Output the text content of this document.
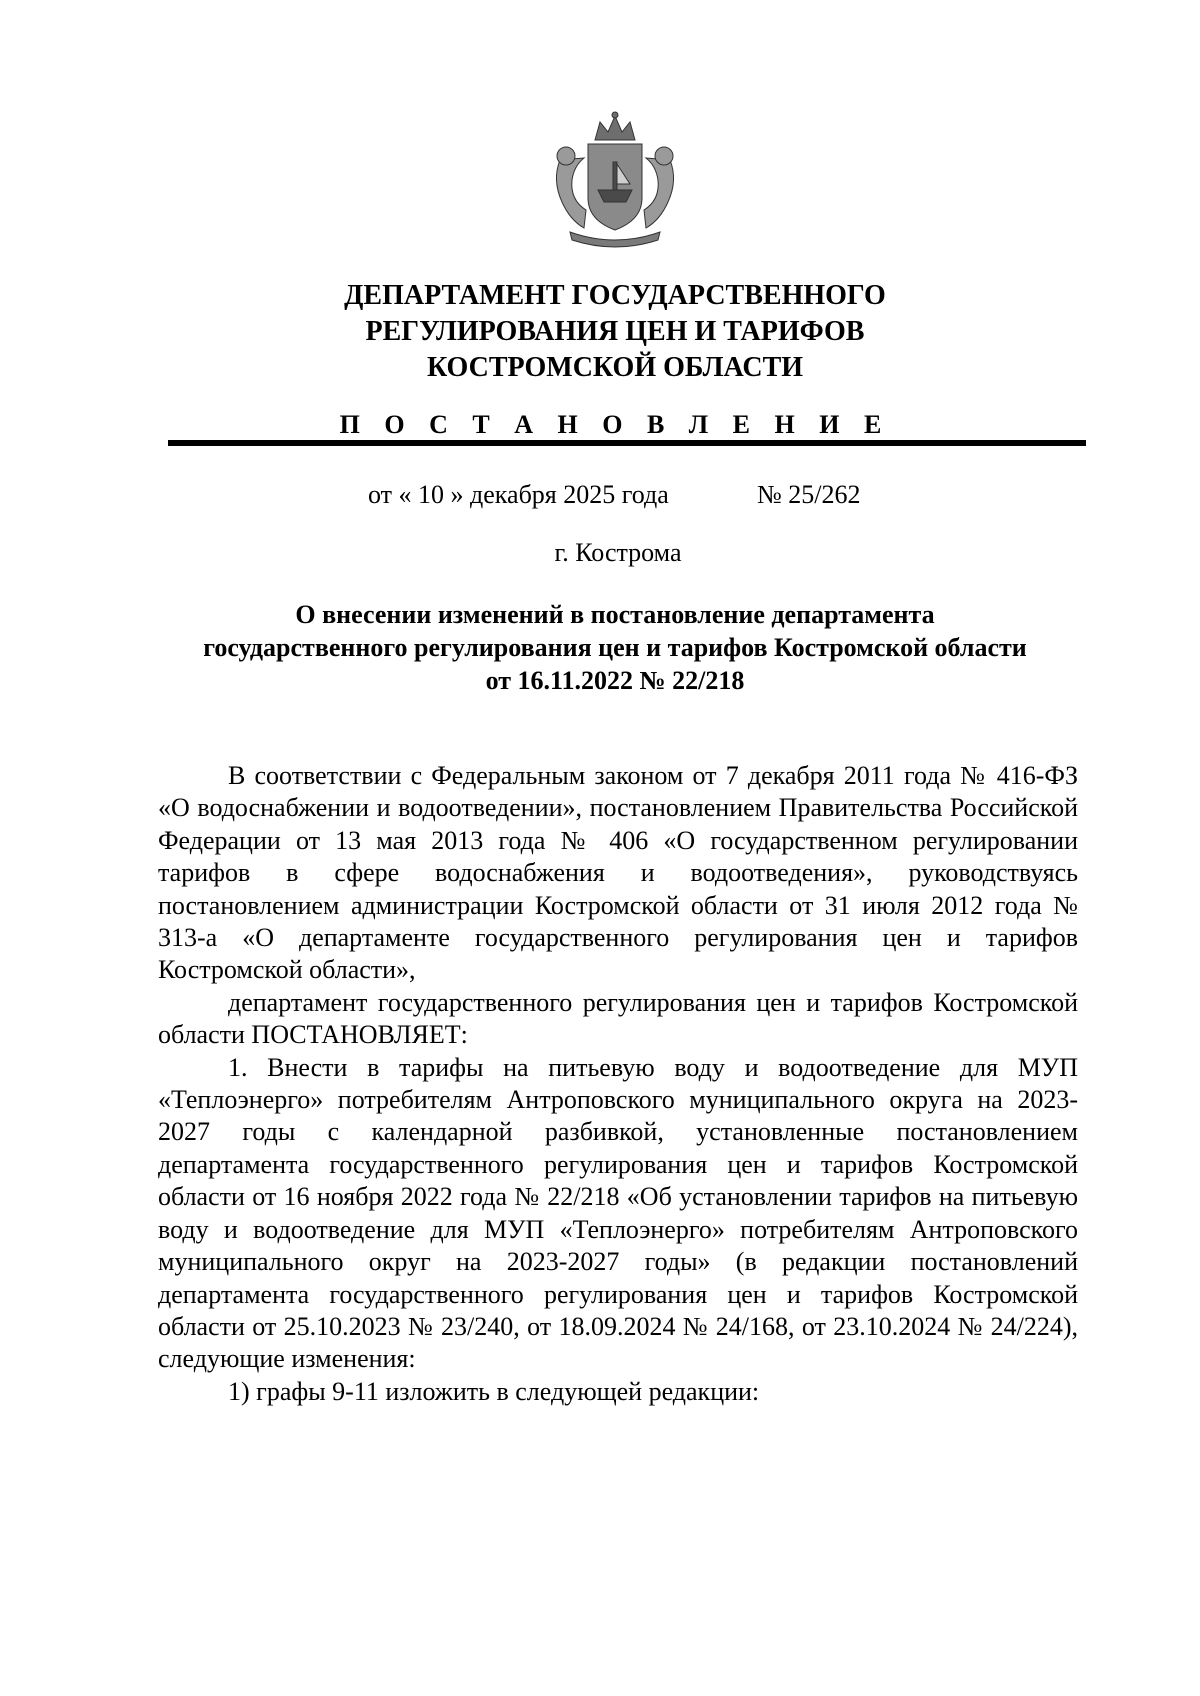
ДЕПАРТАМЕНТ ГОСУДАРСТВЕННОГО
РЕГУЛИРОВАНИЯ ЦЕН И ТАРИФОВ
КОСТРОМСКОЙ ОБЛАСТИ
П О С Т А Н О В Л Е Н И Е
от « 10 » декабря 2025 года	№ 25/262
г. Кострома
О внесении изменений в постановление департамента
государственного регулирования цен и тарифов Костромской области
от 16.11.2022 № 22/218

В соответствии с Федеральным законом от 7 декабря 2011 года № 416-ФЗ «О водоснабжении и водоотведении», постановлением Правительства Российской Федерации от 13 мая 2013 года № 406 «О государственном регулировании тарифов в сфере водоснабжения и водоотведения», руководствуясь постановлением администрации Костромской области от 31 июля 2012 года № 313-а «О департаменте государственного регулирования цен и тарифов Костромской области»,

департамент государственного регулирования цен и тарифов Костромской области ПОСТАНОВЛЯЕТ:

1. Внести в тарифы на питьевую воду и водоотведение для МУП «Теплоэнерго» потребителям Антроповского муниципального округа на 2023-2027 годы с календарной разбивкой, установленные постановлением департамента государственного регулирования цен и тарифов Костромской области от 16 ноября 2022 года № 22/218 «Об установлении тарифов на питьевую воду и водоотведение для МУП «Теплоэнерго» потребителям Антроповского муниципального округ на 2023-2027 годы» (в редакции постановлений департамента государственного регулирования цен и тарифов Костромской области от 25.10.2023 № 23/240, от 18.09.2024 № 24/168, от 23.10.2024 № 24/224), следующие изменения:

1) графы 9-11 изложить в следующей редакции:
